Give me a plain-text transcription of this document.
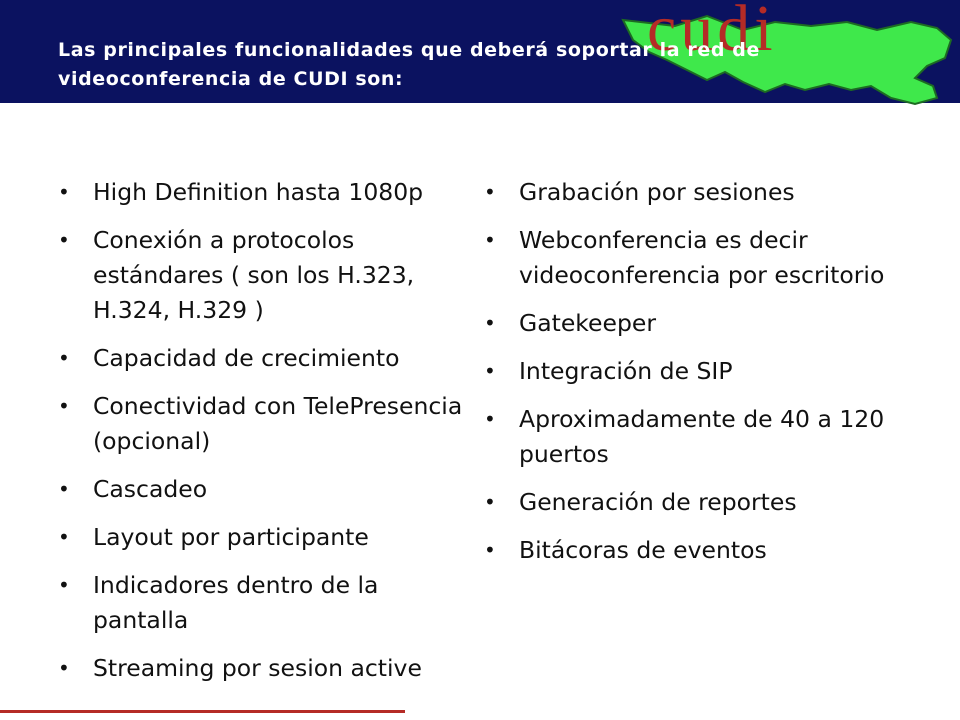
cudi

Las principales funcionalidades que deberá soportar la red de
videoconferencia de CUDI son:

• High Definition hasta 1080p
• Conexión a protocolos estándares ( son los H.323, H.324, H.329 )
• Capacidad de crecimiento
• Conectividad con TelePresencia (opcional)
• Cascadeo
• Layout por participante
• Indicadores dentro de la pantalla
• Streaming por sesion active
• Grabación por sesiones
• Webconferencia es decir videoconferencia por escritorio
• Gatekeeper
• Integración de SIP
• Aproximadamente de 40 a 120 puertos
• Generación de reportes
• Bitácoras de eventos
